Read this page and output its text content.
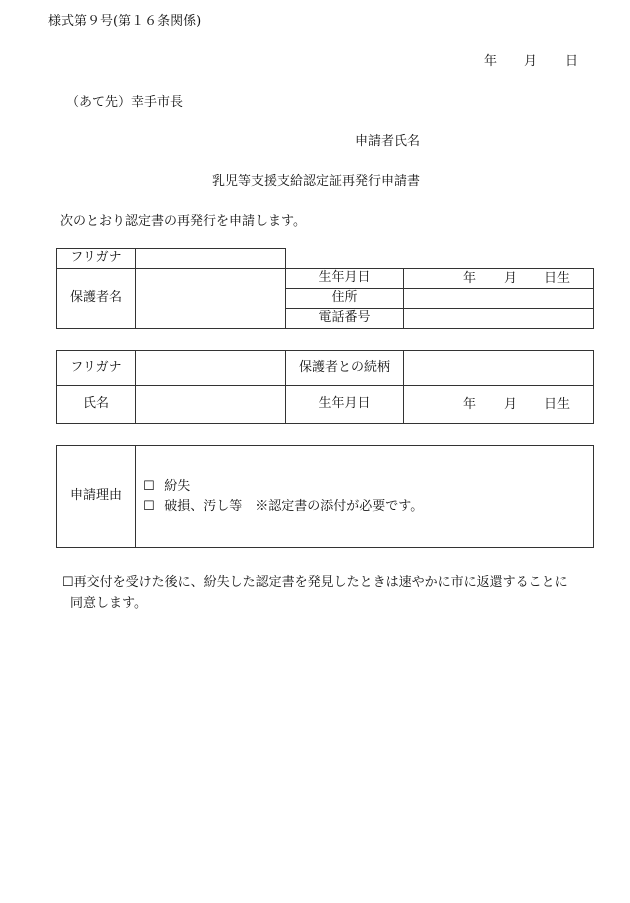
様式第９号(第１６条関係)
年 月 日
（あて先）幸手市長
申請者氏名
乳児等支援支給認定証再発行申請書
次のとおり認定書の再発行を申請します。
フリガナ			
保護者名		生年月日	年 月 日生

		住所	
		電話番号	
フリガナ		保護者との続柄	
氏名		生年月日	年 月 日生
申請理由	
☐ 紛失
☐ 破損、汚し等　※認定書の添付が必要です。
☐再交付を受けた後に、紛失した認定書を発見したときは速やかに市に返還することに
同意します。
